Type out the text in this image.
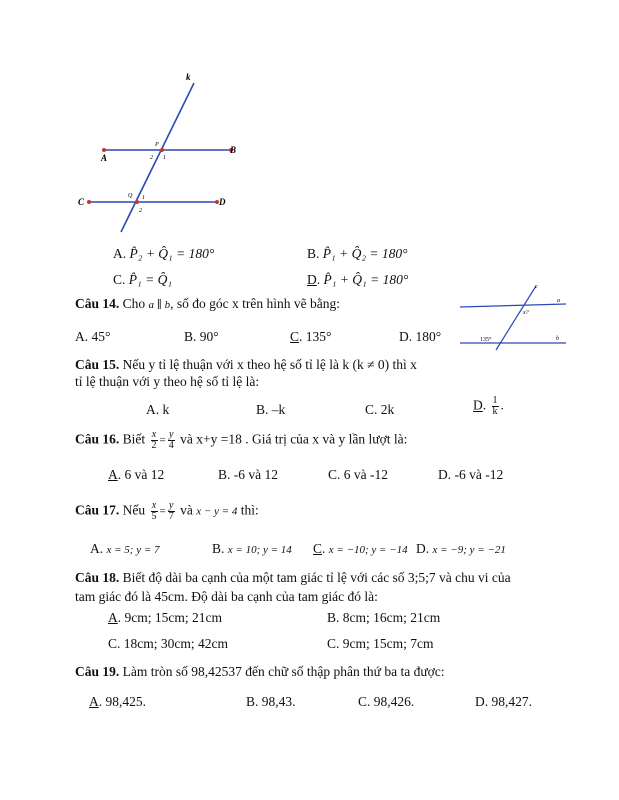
k
A
B
C	D
P
Q
2 1
1
2
A. P̂₂ + Q̂₁ = 180°	B. P̂₁ + Q̂₂ = 180°
C. P̂₁ = Q̂₁	D. P̂₁ + Q̂₁ = 180°
Câu 14. Cho a ∥ b, số đo góc x trên hình vẽ bằng:
A. 45°	B. 90°	C. 135°	D. 180°
c
a
b
x?
135°
Câu 15. Nếu y tỉ lệ thuận với x theo hệ số tỉ lệ là k (k ≠ 0) thì x
tỉ lệ thuận với y theo hệ số tỉ lệ là:
A. k	B. –k	C. 2k	D. $\frac{1}{k}$ .
Câu 16. Biết $\frac{x}{2} = \frac{y}{4}$ và x+y =18 . Giá trị của x và y lần lượt là:
A. 6 và 12	B. -6 và 12	C. 6 và -12	D. -6 và -12
Câu 17. Nếu $\frac{x}{5} = \frac{y}{7}$ và x − y = 4 thì:
A. x = 5; y = 7	B. x = 10; y = 14 C. x = −10; y = −14 D. x = −9; y = −21
Câu 18. Biết độ dài ba cạnh của một tam giác tỉ lệ với các số 3;5;7 và chu vi của
tam giác đó là 45cm. Độ dài ba cạnh của tam giác đó là:
A. 9cm; 15cm; 21cm	B. 8cm; 16cm; 21cm
C. 18cm; 30cm; 42cm	C. 9cm; 15cm; 7cm
Câu 19. Làm tròn số 98,42537 đến chữ số thập phân thứ ba ta được:
A. 98,425.	B. 98,43.	C. 98,426.	D. 98,427.
